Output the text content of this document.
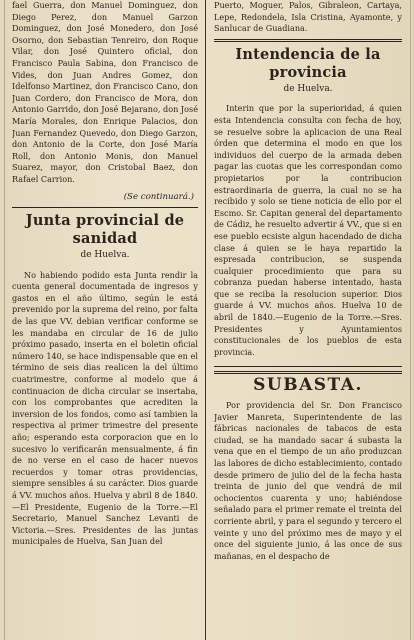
fael Guerra, don Manuel Dominguez, don Diego Perez, don Manuel Garzon Dominguez, don José Monedero, don José Osorno, don Sebastian Tenreiro, don Roque Vilar, don José Quintero oficial, don Francisco Paula Sabina, don Francisco de Vides, don Juan Andres Gomez, don Idelfonso Martinez, don Francisco Cano, don Juan Cordero, don Francisco de Mora, don Antonio Garrido, don José Bejarano, don José María Morales, don Enrique Palacios, don Juan Fernandez Quevedo, don Diego Garzon, don Antonio de la Corte, don José María Roll, don Antonio Monis, don Manuel Suarez, mayor, don Cristobal Baez, don Rafael Carrion.

(Se continuará.)
Junta provincial de sanidad
de Huelva.

No habiendo podido esta Junta rendir la cuenta general documentada de ingresos y gastos en el año último, según le está prevenido por la suprema del reino, por falta de las que VV. debian verificar conforme se les mandaba en circular de 16 de julio próximo pasado, inserta en el boletin oficial número 140, se hace indispensable que en el término de seis dias realicen la del último cuatrimestre, conforme al modelo que á continuacion de dicha circular se insertaba, con los comprobantes que acrediten la inversion de los fondos, como así tambien la respectiva al primer trimestre del presente año; esperando esta corporacion que en lo sucesivo lo verificarán mensualmente, á fin de no verse en el caso de hacer nuevos recuerdos y tomar otras providencias, siempre sensibles á su carácter. Dios guarde á VV. muchos años. Huelva y abril 8 de 1840.—El Presidente, Eugenio de la Torre.—El Secretario, Manuel Sanchez Levanti de Victoria.—Sres. Presidentes de las juntas municipales de Huelva, San Juan del

Puerto, Moguer, Palos, Gibraleon, Cartaya, Lepe, Redondela, Isla Cristina, Ayamonte, y Sanlucar de Guadiana.

Intendencia de la provincia
de Huelva.

Interin que por la superioridad, á quien esta Intendencia consulta con fecha de hoy, se resuelve sobre la aplicacion de una Real órden que determina el modo en que los individuos del cuerpo de la armada deben pagar las cuotas que les correspondan como propietarios por la contribucion estraordinaria de guerra, la cual no se ha recibido y solo se tiene noticia de ello por el Escmo. Sr. Capitan general del departamento de Cádiz, he resuelto advertir á VV., que si en ese pueblo ecsiste algun hacendado de dicha clase á quien se le haya repartido la espresada contribucion, se suspenda cualquier procedimiento que para su cobranza puedan haberse intentado, hasta que se reciba la resolucion superior. Dios guarde á VV. muchos años. Huelva 10 de abril de 1840.—Eugenio de la Torre.—Sres. Presidentes y Ayuntamientos constitucionales de los pueblos de esta provincia.

SUBASTA.

Por providencia del Sr. Don Francisco Javier Manreta, Superintendente de las fábricas nacionales de tabacos de esta ciudad, se ha mandado sacar á subasta la vena que en el tiempo de un año produzcan las labores de dicho establecimiento, contado desde primero de julio del de la fecha hasta treinta de junio del que vendrá de mil ochocientos cuarenta y uno; habiéndose señalado para el primer remate el treinta del corriente abril, y para el segundo y tercero el veinte y uno del próximo mes de mayo y el once del siguiente junio, á las once de sus mañanas, en el despacho de
